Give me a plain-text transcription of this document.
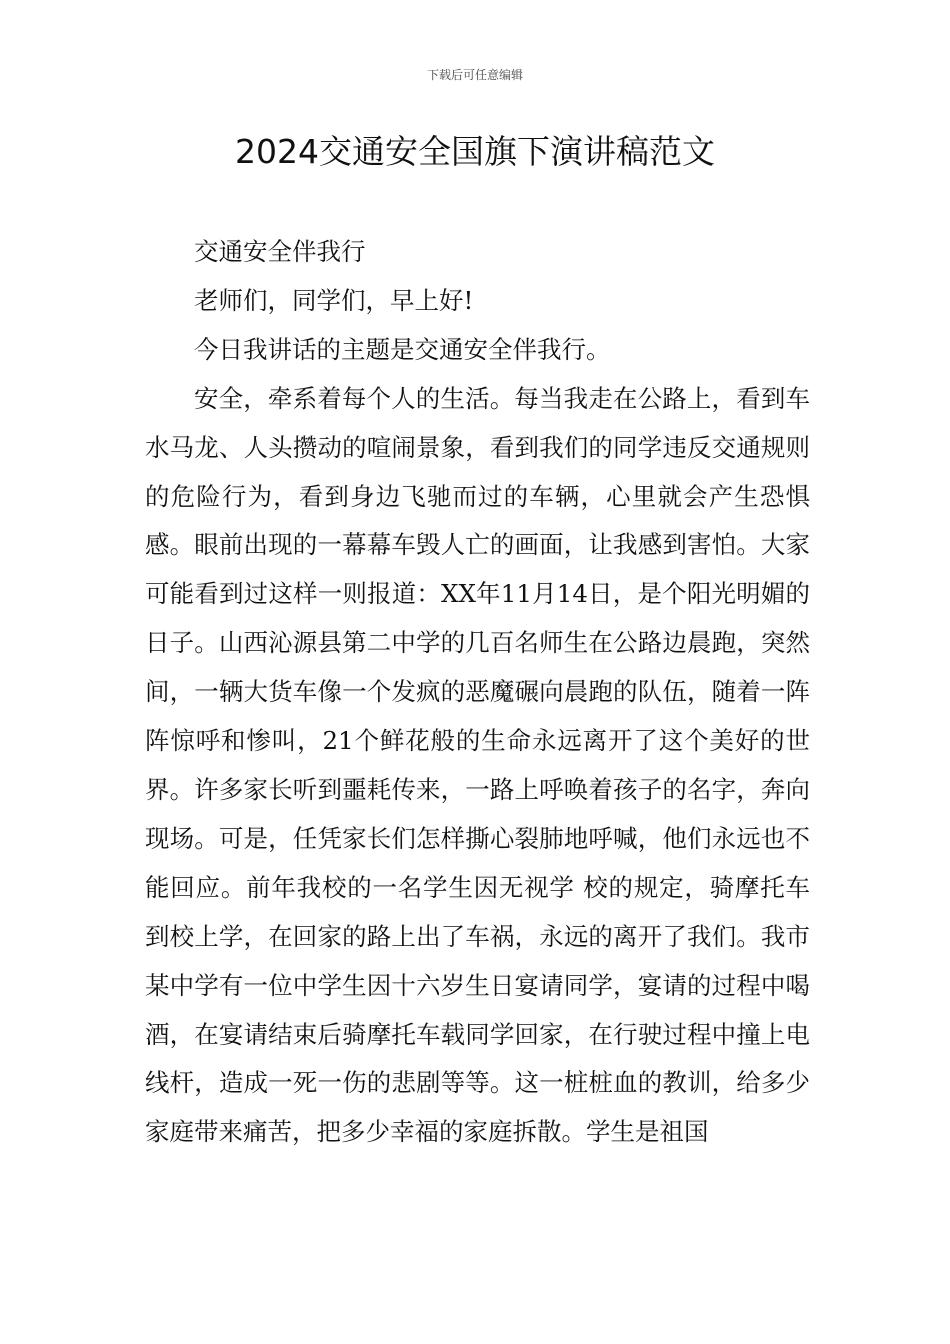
下载后可任意编辑
2024交通安全国旗下演讲稿范文

交通安全伴我行

老师们，同学们，早上好!

今日我讲话的主题是交通安全伴我行。

安全，牵系着每个人的生活。每当我走在公路上，看到车水马龙、人头攒动的喧闹景象，看到我们的同学违反交通规则的危险行为，看到身边飞驰而过的车辆，心里就会产生恐惧感。眼前出现的一幕幕车毁人亡的画面，让我感到害怕。大家可能看到过这样一则报道：XX年11月14日，是个阳光明媚的日子。山西沁源县第二中学的几百名师生在公路边晨跑，突然间，一辆大货车像一个发疯的恶魔碾向晨跑的队伍，随着一阵阵惊呼和惨叫，21个鲜花般的生命永远离开了这个美好的世界。许多家长听到噩耗传来，一路上呼唤着孩子的名字，奔向现场。可是，任凭家长们怎样撕心裂肺地呼喊，他们永远也不能回应。前年我校的一名学生因无视学 校的规定，骑摩托车到校上学，在回家的路上出了车祸，永远的离开了我们。我市某中学有一位中学生因十六岁生日宴请同学，宴请的过程中喝酒，在宴请结束后骑摩托车载同学回家，在行驶过程中撞上电线杆，造成一死一伤的悲剧等等。这一桩桩血的教训，给多少家庭带来痛苦，把多少幸福的家庭拆散。学生是祖国
